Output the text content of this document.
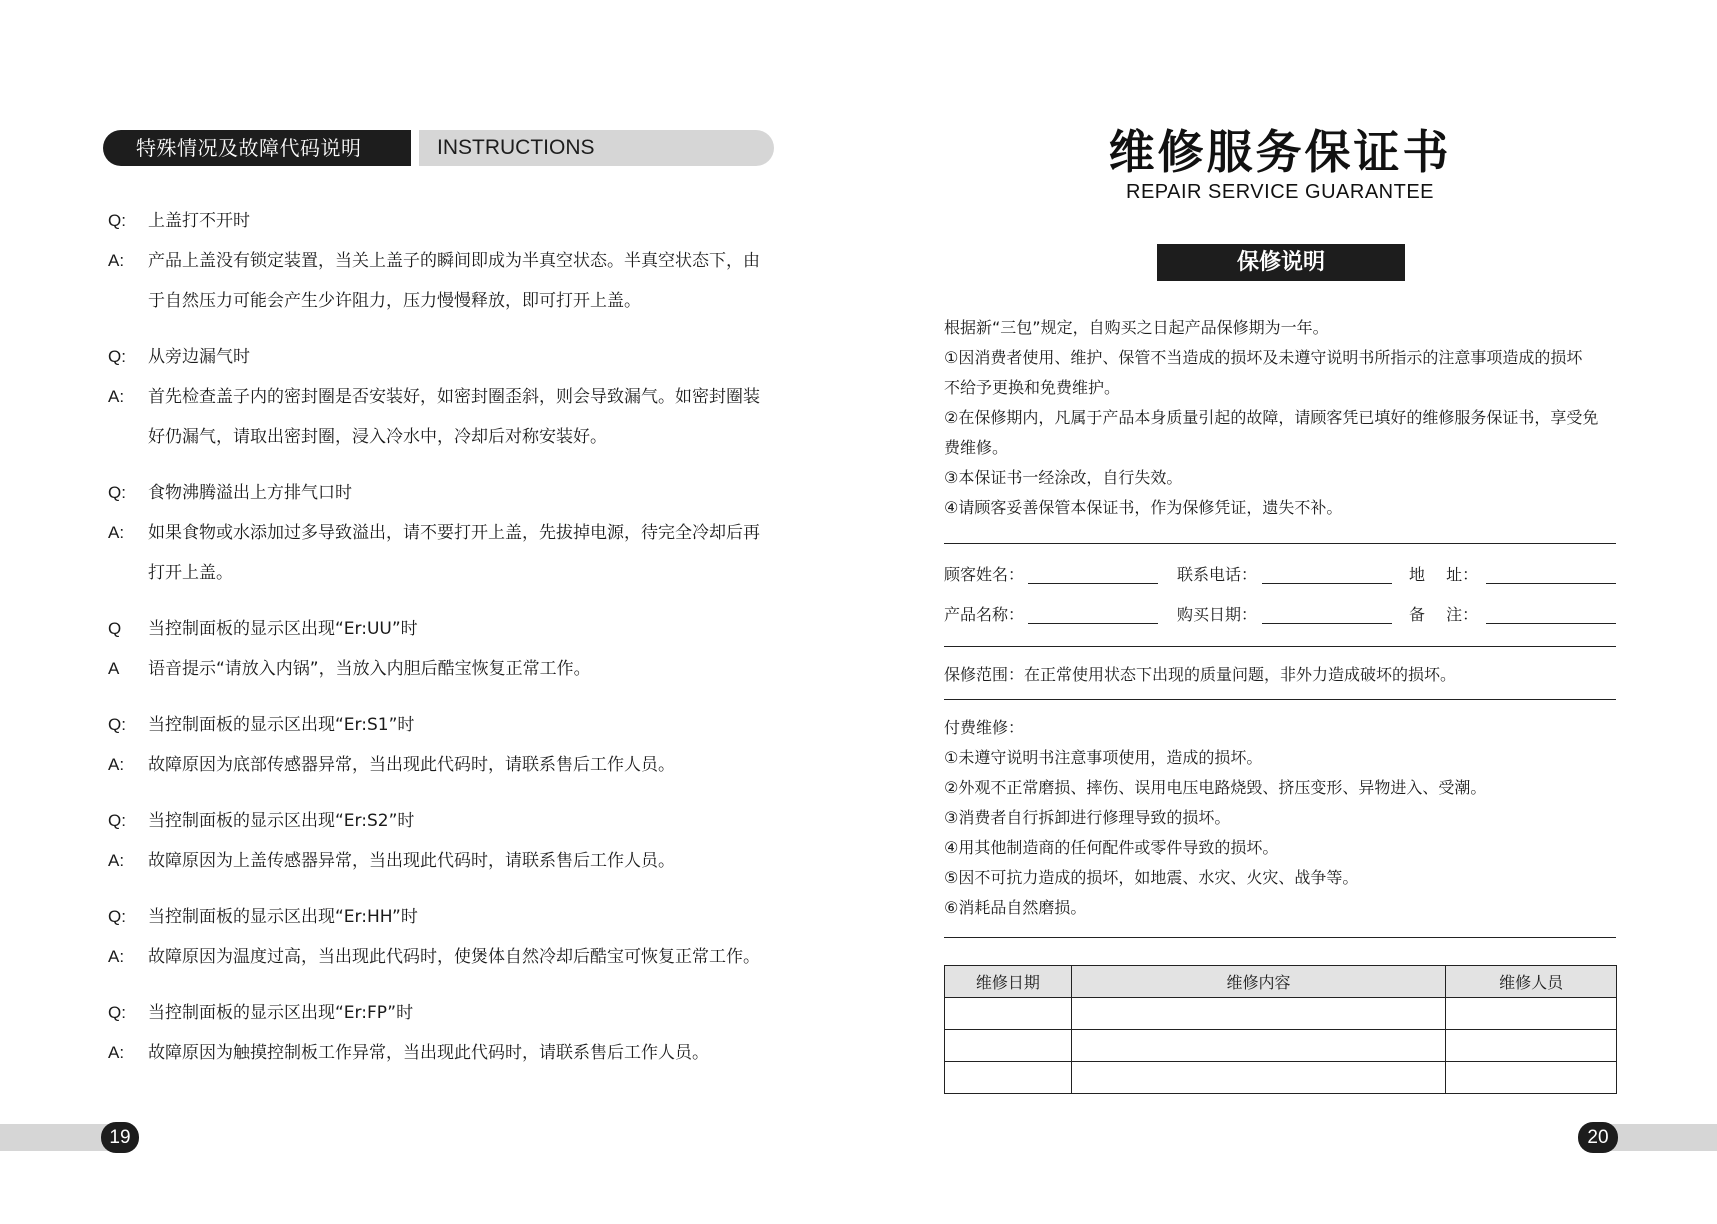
特殊情况及故障代码说明	INSTRUCTIONS
Q:	上盖打不开时
A:	产品上盖没有锁定装置，当关上盖子的瞬间即成为半真空状态。半真空状态下，由
于自然压力可能会产生少许阻力，压力慢慢释放，即可打开上盖。
Q:	从旁边漏气时
A:	首先检查盖子内的密封圈是否安装好，如密封圈歪斜，则会导致漏气。如密封圈装
好仍漏气，请取出密封圈，浸入冷水中，冷却后对称安装好。
Q:	食物沸腾溢出上方排气口时
A:	如果食物或水添加过多导致溢出，请不要打开上盖，先拔掉电源，待完全冷却后再
打开上盖。
Q	当控制面板的显示区出现“Er:UU”时
A	语音提示“请放入内锅”，当放入内胆后酷宝恢复正常工作。
Q:	当控制面板的显示区出现“Er:S1”时
A:	故障原因为底部传感器异常，当出现此代码时，请联系售后工作人员。
Q:	当控制面板的显示区出现“Er:S2”时
A:	故障原因为上盖传感器异常，当出现此代码时，请联系售后工作人员。
Q:	当控制面板的显示区出现“Er:HH”时
A:	故障原因为温度过高，当出现此代码时，使煲体自然冷却后酷宝可恢复正常工作。
Q:	当控制面板的显示区出现“Er:FP”时
A:	故障原因为触摸控制板工作异常，当出现此代码时，请联系售后工作人员。
19
维修服务保证书
REPAIR SERVICE GUARANTEE
保修说明
根据新“三包”规定，自购买之日起产品保修期为一年。
①因消费者使用、维护、保管不当造成的损坏及未遵守说明书所指示的注意事项造成的损坏
不给予更换和免费维护。
②在保修期内，凡属于产品本身质量引起的故障，请顾客凭已填好的维修服务保证书，享受免
费维修。
③本保证书一经涂改，自行失效。
④请顾客妥善保管本保证书，作为保修凭证，遗失不补。
顾客姓名：	联系电话：	地　 址：
产品名称：	购买日期：	备　 注：
保修范围：在正常使用状态下出现的质量问题，非外力造成破坏的损坏。
付费维修：
①未遵守说明书注意事项使用，造成的损坏。
②外观不正常磨损、摔伤、误用电压电路烧毁、挤压变形、异物进入、受潮。
③消费者自行拆卸进行修理导致的损坏。
④用其他制造商的任何配件或零件导致的损坏。
⑤因不可抗力造成的损坏，如地震、水灾、火灾、战争等。
⑥消耗品自然磨损。
维修日期	维修内容	维修人员

20
